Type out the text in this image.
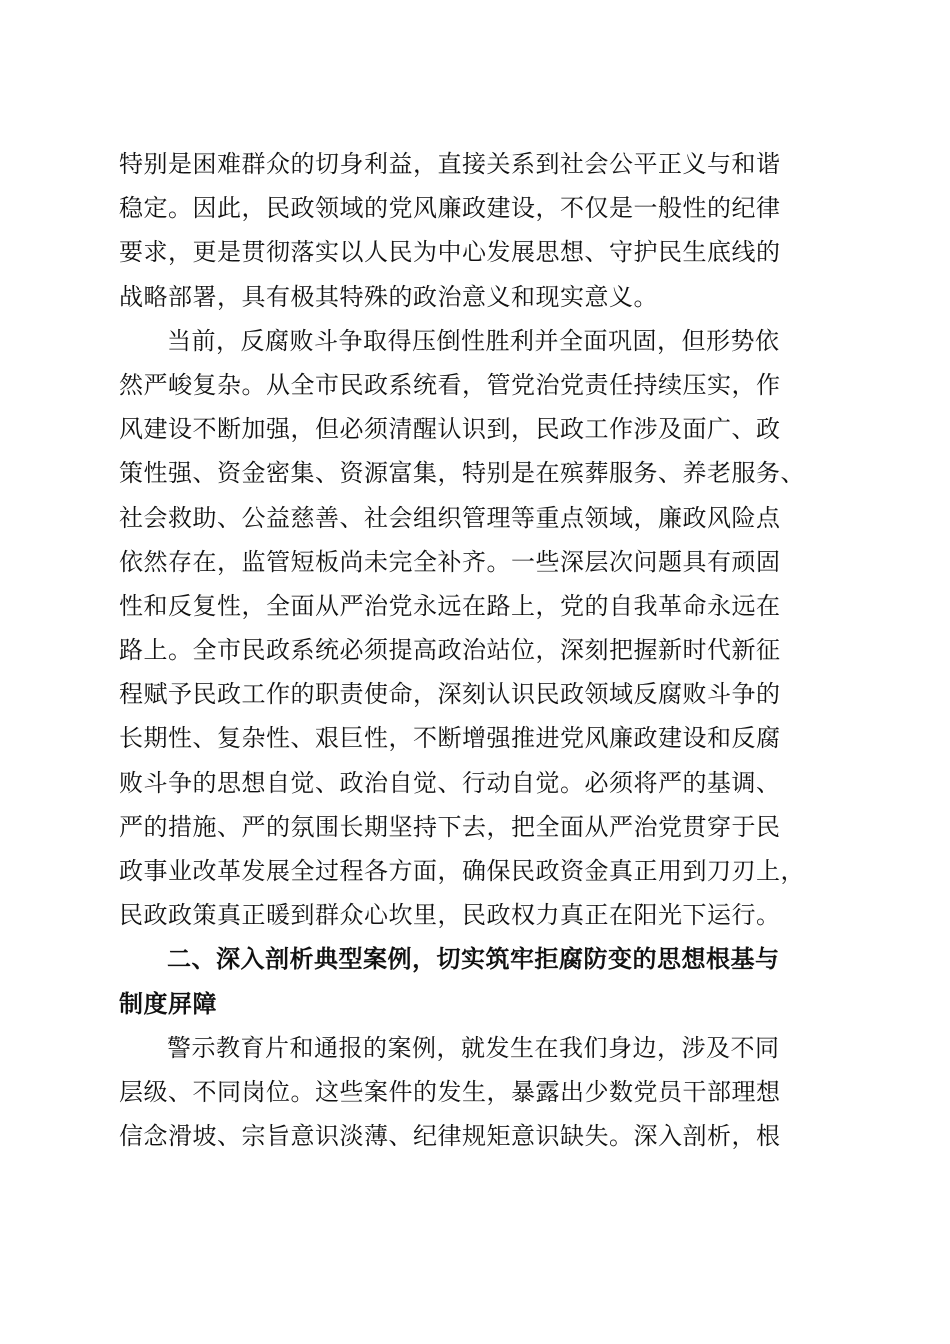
特别是困难群众的切身利益，直接关系到社会公平正义与和谐
稳定。因此，民政领域的党风廉政建设，不仅是一般性的纪律
要求，更是贯彻落实以人民为中心发展思想、守护民生底线的
战略部署，具有极其特殊的政治意义和现实意义。
当前，反腐败斗争取得压倒性胜利并全面巩固，但形势依
然严峻复杂。从全市民政系统看，管党治党责任持续压实，作
风建设不断加强，但必须清醒认识到，民政工作涉及面广、政
策性强、资金密集、资源富集，特别是在殡葬服务、养老服务、
社会救助、公益慈善、社会组织管理等重点领域，廉政风险点
依然存在，监管短板尚未完全补齐。一些深层次问题具有顽固
性和反复性，全面从严治党永远在路上，党的自我革命永远在
路上。全市民政系统必须提高政治站位，深刻把握新时代新征
程赋予民政工作的职责使命，深刻认识民政领域反腐败斗争的
长期性、复杂性、艰巨性，不断增强推进党风廉政建设和反腐
败斗争的思想自觉、政治自觉、行动自觉。必须将严的基调、
严的措施、严的氛围长期坚持下去，把全面从严治党贯穿于民
政事业改革发展全过程各方面，确保民政资金真正用到刀刃上，
民政政策真正暖到群众心坎里，民政权力真正在阳光下运行。
二、深入剖析典型案例，切实筑牢拒腐防变的思想根基与
制度屏障
警示教育片和通报的案例，就发生在我们身边，涉及不同
层级、不同岗位。这些案件的发生，暴露出少数党员干部理想
信念滑坡、宗旨意识淡薄、纪律规矩意识缺失。深入剖析，根
